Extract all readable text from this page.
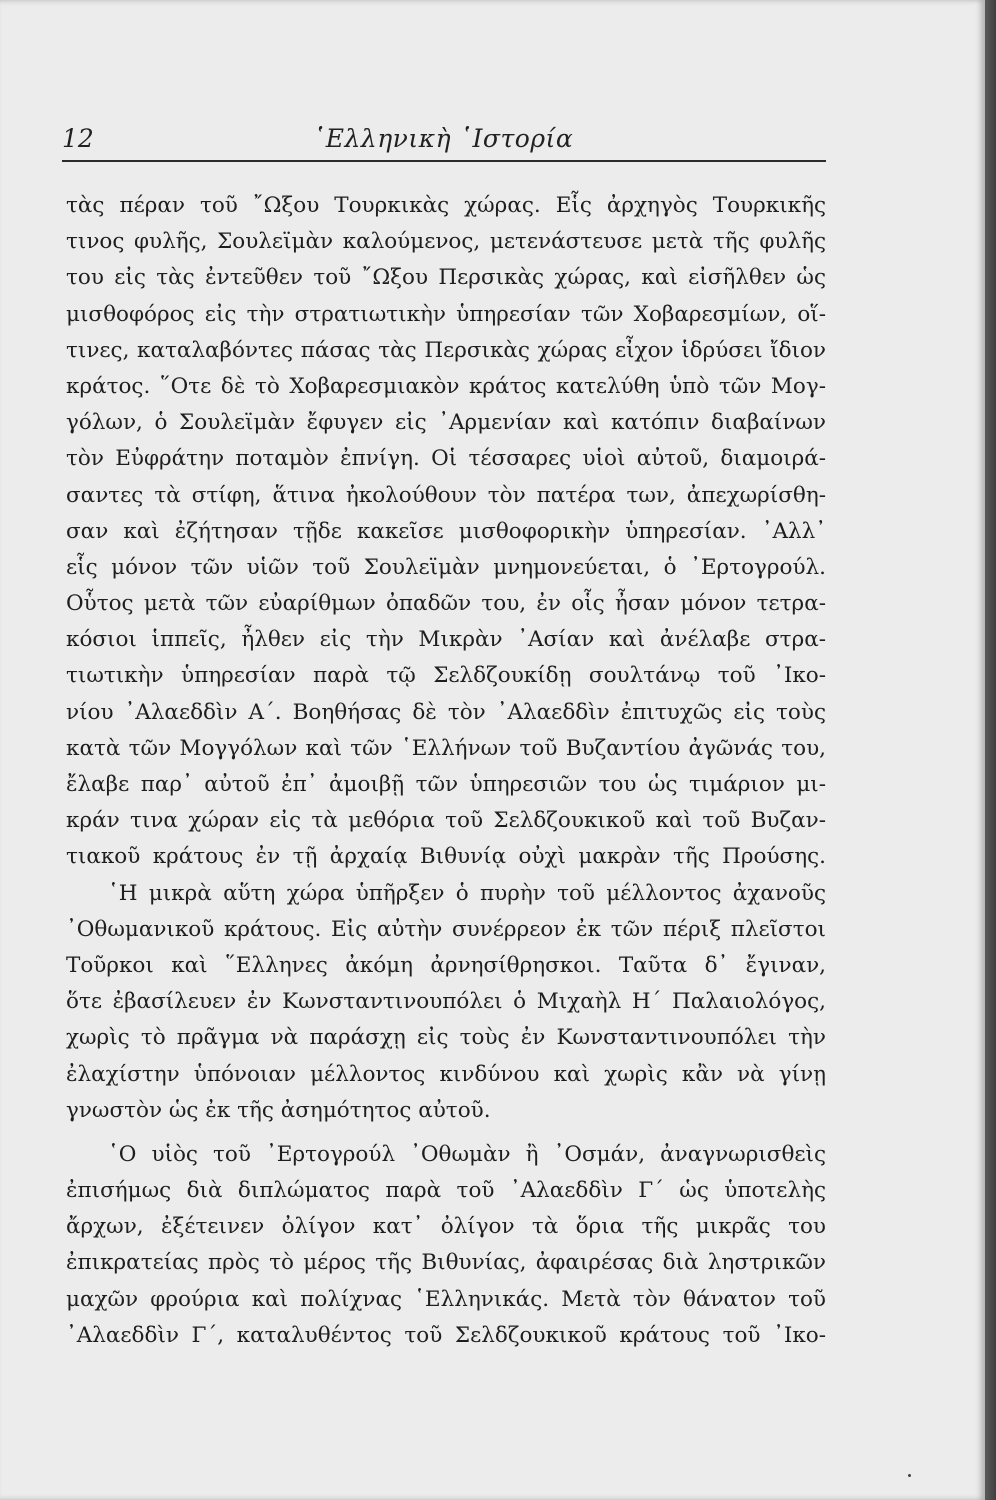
12	῾Ελληνικὴ ῾Ιστορία
τὰς πέραν τοῦ ῎Ωξου Τουρκικὰς χώρας. Εἷς ἀρχηγὸς Τουρκικῆς
τινος φυλῆς, Σουλεϊμὰν καλούμενος, μετενάστευσε μετὰ τῆς φυλῆς
του εἰς τὰς ἐντεῦθεν τοῦ ῎Ωξου Περσικὰς χώρας, καὶ εἰσῆλθεν ὡς
μισθοφόρος εἰς τὴν στρατιωτικὴν ὑπηρεσίαν τῶν Χοβαρεσμίων, οἵ-
τινες, καταλαβόντες πάσας τὰς Περσικὰς χώρας εἶχον ἱδρύσει ἴδιον
κράτος. ῞Οτε δὲ τὸ Χοβαρεσμιακὸν κράτος κατελύθη ὑπὸ τῶν Μογ-
γόλων, ὁ Σουλεϊμὰν ἔφυγεν εἰς ᾿Αρμενίαν καὶ κατόπιν διαβαίνων
τὸν Εὐφράτην ποταμὸν ἐπνίγη. Οἱ τέσσαρες υἱοὶ αὐτοῦ, διαμοιρά-
σαντες τὰ στίφη, ἅτινα ἠκολούθουν τὸν πατέρα των, ἀπεχωρίσθη-
σαν καὶ ἐζήτησαν τῇδε κακεῖσε μισθοφορικὴν ὑπηρεσίαν. ᾿Αλλ᾿
εἷς μόνον τῶν υἱῶν τοῦ Σουλεϊμὰν μνημονεύεται, ὁ ᾿Ερτογρούλ.
Οὗτος μετὰ τῶν εὐαρίθμων ὀπαδῶν του, ἐν οἷς ἦσαν μόνον τετρα-
κόσιοι ἱππεῖς, ἦλθεν εἰς τὴν Μικρὰν ᾿Ασίαν καὶ ἀνέλαβε στρα-
τιωτικὴν ὑπηρεσίαν παρὰ τῷ Σελδζουκίδῃ σουλτάνῳ τοῦ ᾿Ικο-
νίου ᾿Αλαεδδὶν Α΄. Βοηθήσας δὲ τὸν ᾿Αλαεδδὶν ἐπιτυχῶς εἰς τοὺς
κατὰ τῶν Μογγόλων καὶ τῶν ῾Ελλήνων τοῦ Βυζαντίου ἀγῶνάς του,
ἔλαβε παρ᾿ αὐτοῦ ἐπ᾿ ἀμοιβῇ τῶν ὑπηρεσιῶν του ὡς τιμάριον μι-
κράν τινα χώραν εἰς τὰ μεθόρια τοῦ Σελδζουκικοῦ καὶ τοῦ Βυζαν-
τιακοῦ κράτους ἐν τῇ ἀρχαίᾳ Βιθυνίᾳ οὐχὶ μακρὰν τῆς Προύσης.
῾Η μικρὰ αὕτη χώρα ὑπῆρξεν ὁ πυρὴν τοῦ μέλλοντος ἀχανοῦς
᾿Οθωμανικοῦ κράτους. Εἰς αὐτὴν συνέρρεον ἐκ τῶν πέριξ πλεῖστοι
Τοῦρκοι καὶ ῞Ελληνες ἀκόμη ἀρνησίθρησκοι. Ταῦτα δ᾿ ἔγιναν,
ὅτε ἐβασίλευεν ἐν Κωνσταντινουπόλει ὁ Μιχαὴλ Η΄ Παλαιολόγος,
χωρὶς τὸ πρᾶγμα νὰ παράσχῃ εἰς τοὺς ἐν Κωνσταντινουπόλει τὴν
ἐλαχίστην ὑπόνοιαν μέλλοντος κινδύνου καὶ χωρὶς κἂν νὰ γίνῃ
γνωστὸν ὡς ἐκ τῆς ἀσημότητος αὐτοῦ.
῾Ο υἱὸς τοῦ ᾿Ερτογρούλ ᾿Οθωμὰν ἢ ᾿Οσμάν, ἀναγνωρισθεὶς
ἐπισήμως διὰ διπλώματος παρὰ τοῦ ᾿Αλαεδδὶν Γ΄ ὡς ὑποτελὴς
ἄρχων, ἐξέτεινεν ὀλίγον κατ᾿ ὀλίγον τὰ ὅρια τῆς μικρᾶς του
ἐπικρατείας πρὸς τὸ μέρος τῆς Βιθυνίας, ἀφαιρέσας διὰ ληστρικῶν
μαχῶν φρούρια καὶ πολίχνας ῾Ελληνικάς. Μετὰ τὸν θάνατον τοῦ
᾿Αλαεδδὶν Γ΄, καταλυθέντος τοῦ Σελδζουκικοῦ κράτους τοῦ ᾿Ικο-
